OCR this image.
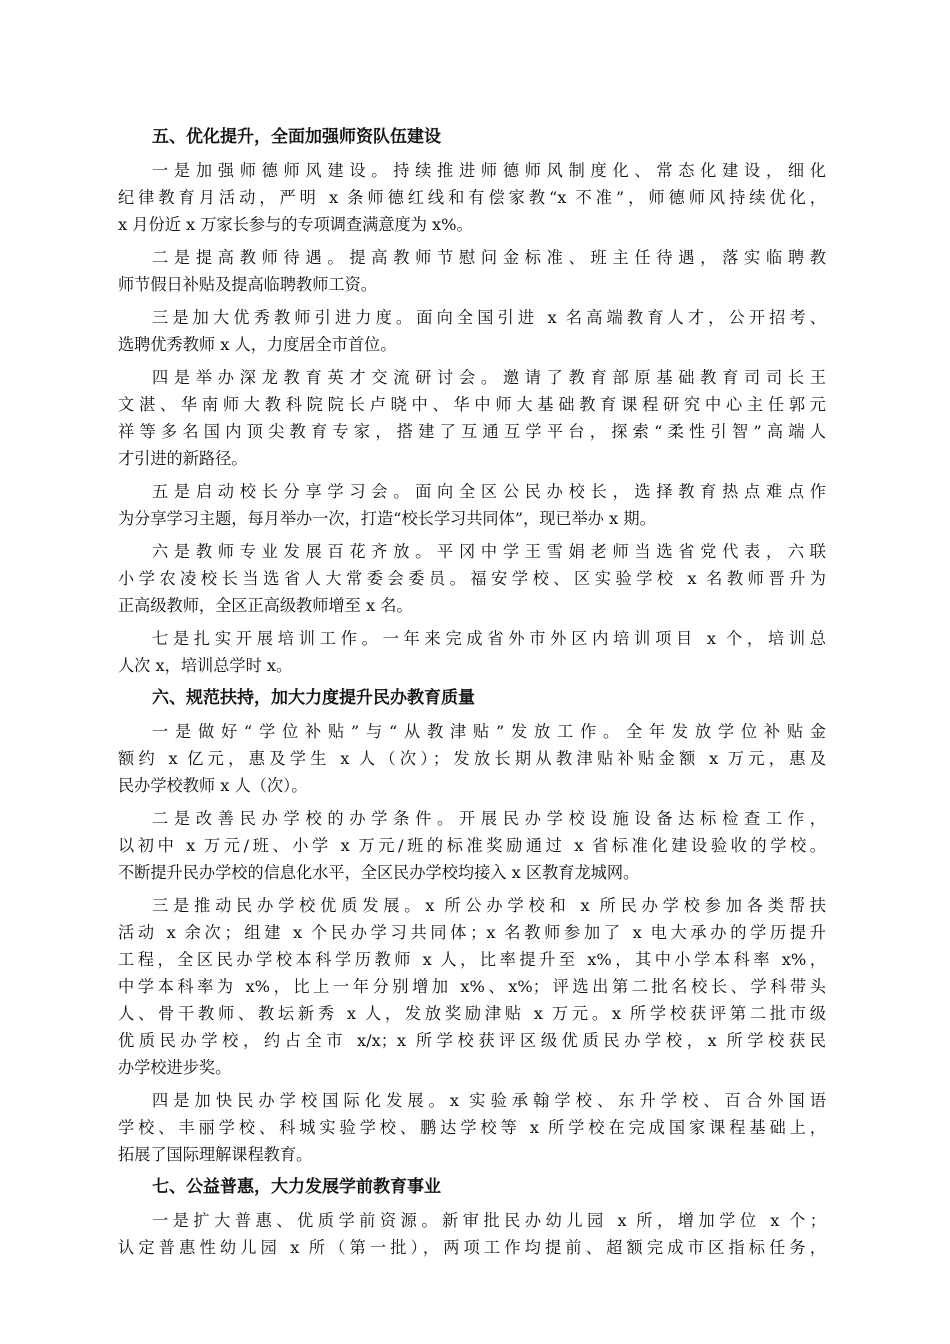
五、优化提升，全面加强师资队伍建设
一是加强师德师风建设。持续推进师德师风制度化、常态化建设，细化
纪律教育月活动，严明 x 条师德红线和有偿家教“x 不准”，师德师风持续优化，
x 月份近 x 万家长参与的专项调查满意度为 x%。
二是提高教师待遇。提高教师节慰问金标准、班主任待遇，落实临聘教
师节假日补贴及提高临聘教师工资。
三是加大优秀教师引进力度。面向全国引进 x 名高端教育人才，公开招考、
选聘优秀教师 x 人，力度居全市首位。
四是举办深龙教育英才交流研讨会。邀请了教育部原基础教育司司长王
文湛、华南师大教科院院长卢晓中、华中师大基础教育课程研究中心主任郭元
祥等多名国内顶尖教育专家，搭建了互通互学平台，探索“柔性引智”高端人
才引进的新路径。
五是启动校长分享学习会。面向全区公民办校长，选择教育热点难点作
为分享学习主题，每月举办一次，打造“校长学习共同体”，现已举办 x 期。
六是教师专业发展百花齐放。平冈中学王雪娟老师当选省党代表，六联
小学农凌校长当选省人大常委会委员。福安学校、区实验学校 x 名教师晋升为
正高级教师，全区正高级教师增至 x 名。
七是扎实开展培训工作。一年来完成省外市外区内培训项目 x 个，培训总
人次 x，培训总学时 x。
六、规范扶持，加大力度提升民办教育质量
一是做好“学位补贴”与“从教津贴”发放工作。全年发放学位补贴金
额约 x 亿元，惠及学生 x 人（次）；发放长期从教津贴补贴金额 x 万元，惠及
民办学校教师 x 人（次）。
二是改善民办学校的办学条件。开展民办学校设施设备达标检查工作，
以初中 x 万元/班、小学 x 万元/班的标准奖励通过 x 省标准化建设验收的学校。
不断提升民办学校的信息化水平，全区民办学校均接入 x 区教育龙城网。
三是推动民办学校优质发展。x 所公办学校和 x 所民办学校参加各类帮扶
活动 x 余次；组建 x 个民办学习共同体；x 名教师参加了 x 电大承办的学历提升
工程，全区民办学校本科学历教师 x 人，比率提升至 x%，其中小学本科率 x%，
中学本科率为 x%，比上一年分别增加 x%、x%；评选出第二批名校长、学科带头
人、骨干教师、教坛新秀 x 人，发放奖励津贴 x 万元。x 所学校获评第二批市级
优质民办学校，约占全市 x/x；x 所学校获评区级优质民办学校，x 所学校获民
办学校进步奖。
四是加快民办学校国际化发展。x 实验承翰学校、东升学校、百合外国语
学校、丰丽学校、科城实验学校、鹏达学校等 x 所学校在完成国家课程基础上，
拓展了国际理解课程教育。
七、公益普惠，大力发展学前教育事业
一是扩大普惠、优质学前资源。新审批民办幼儿园 x 所，增加学位 x 个；
认定普惠性幼儿园 x 所（第一批），两项工作均提前、超额完成市区指标任务，
